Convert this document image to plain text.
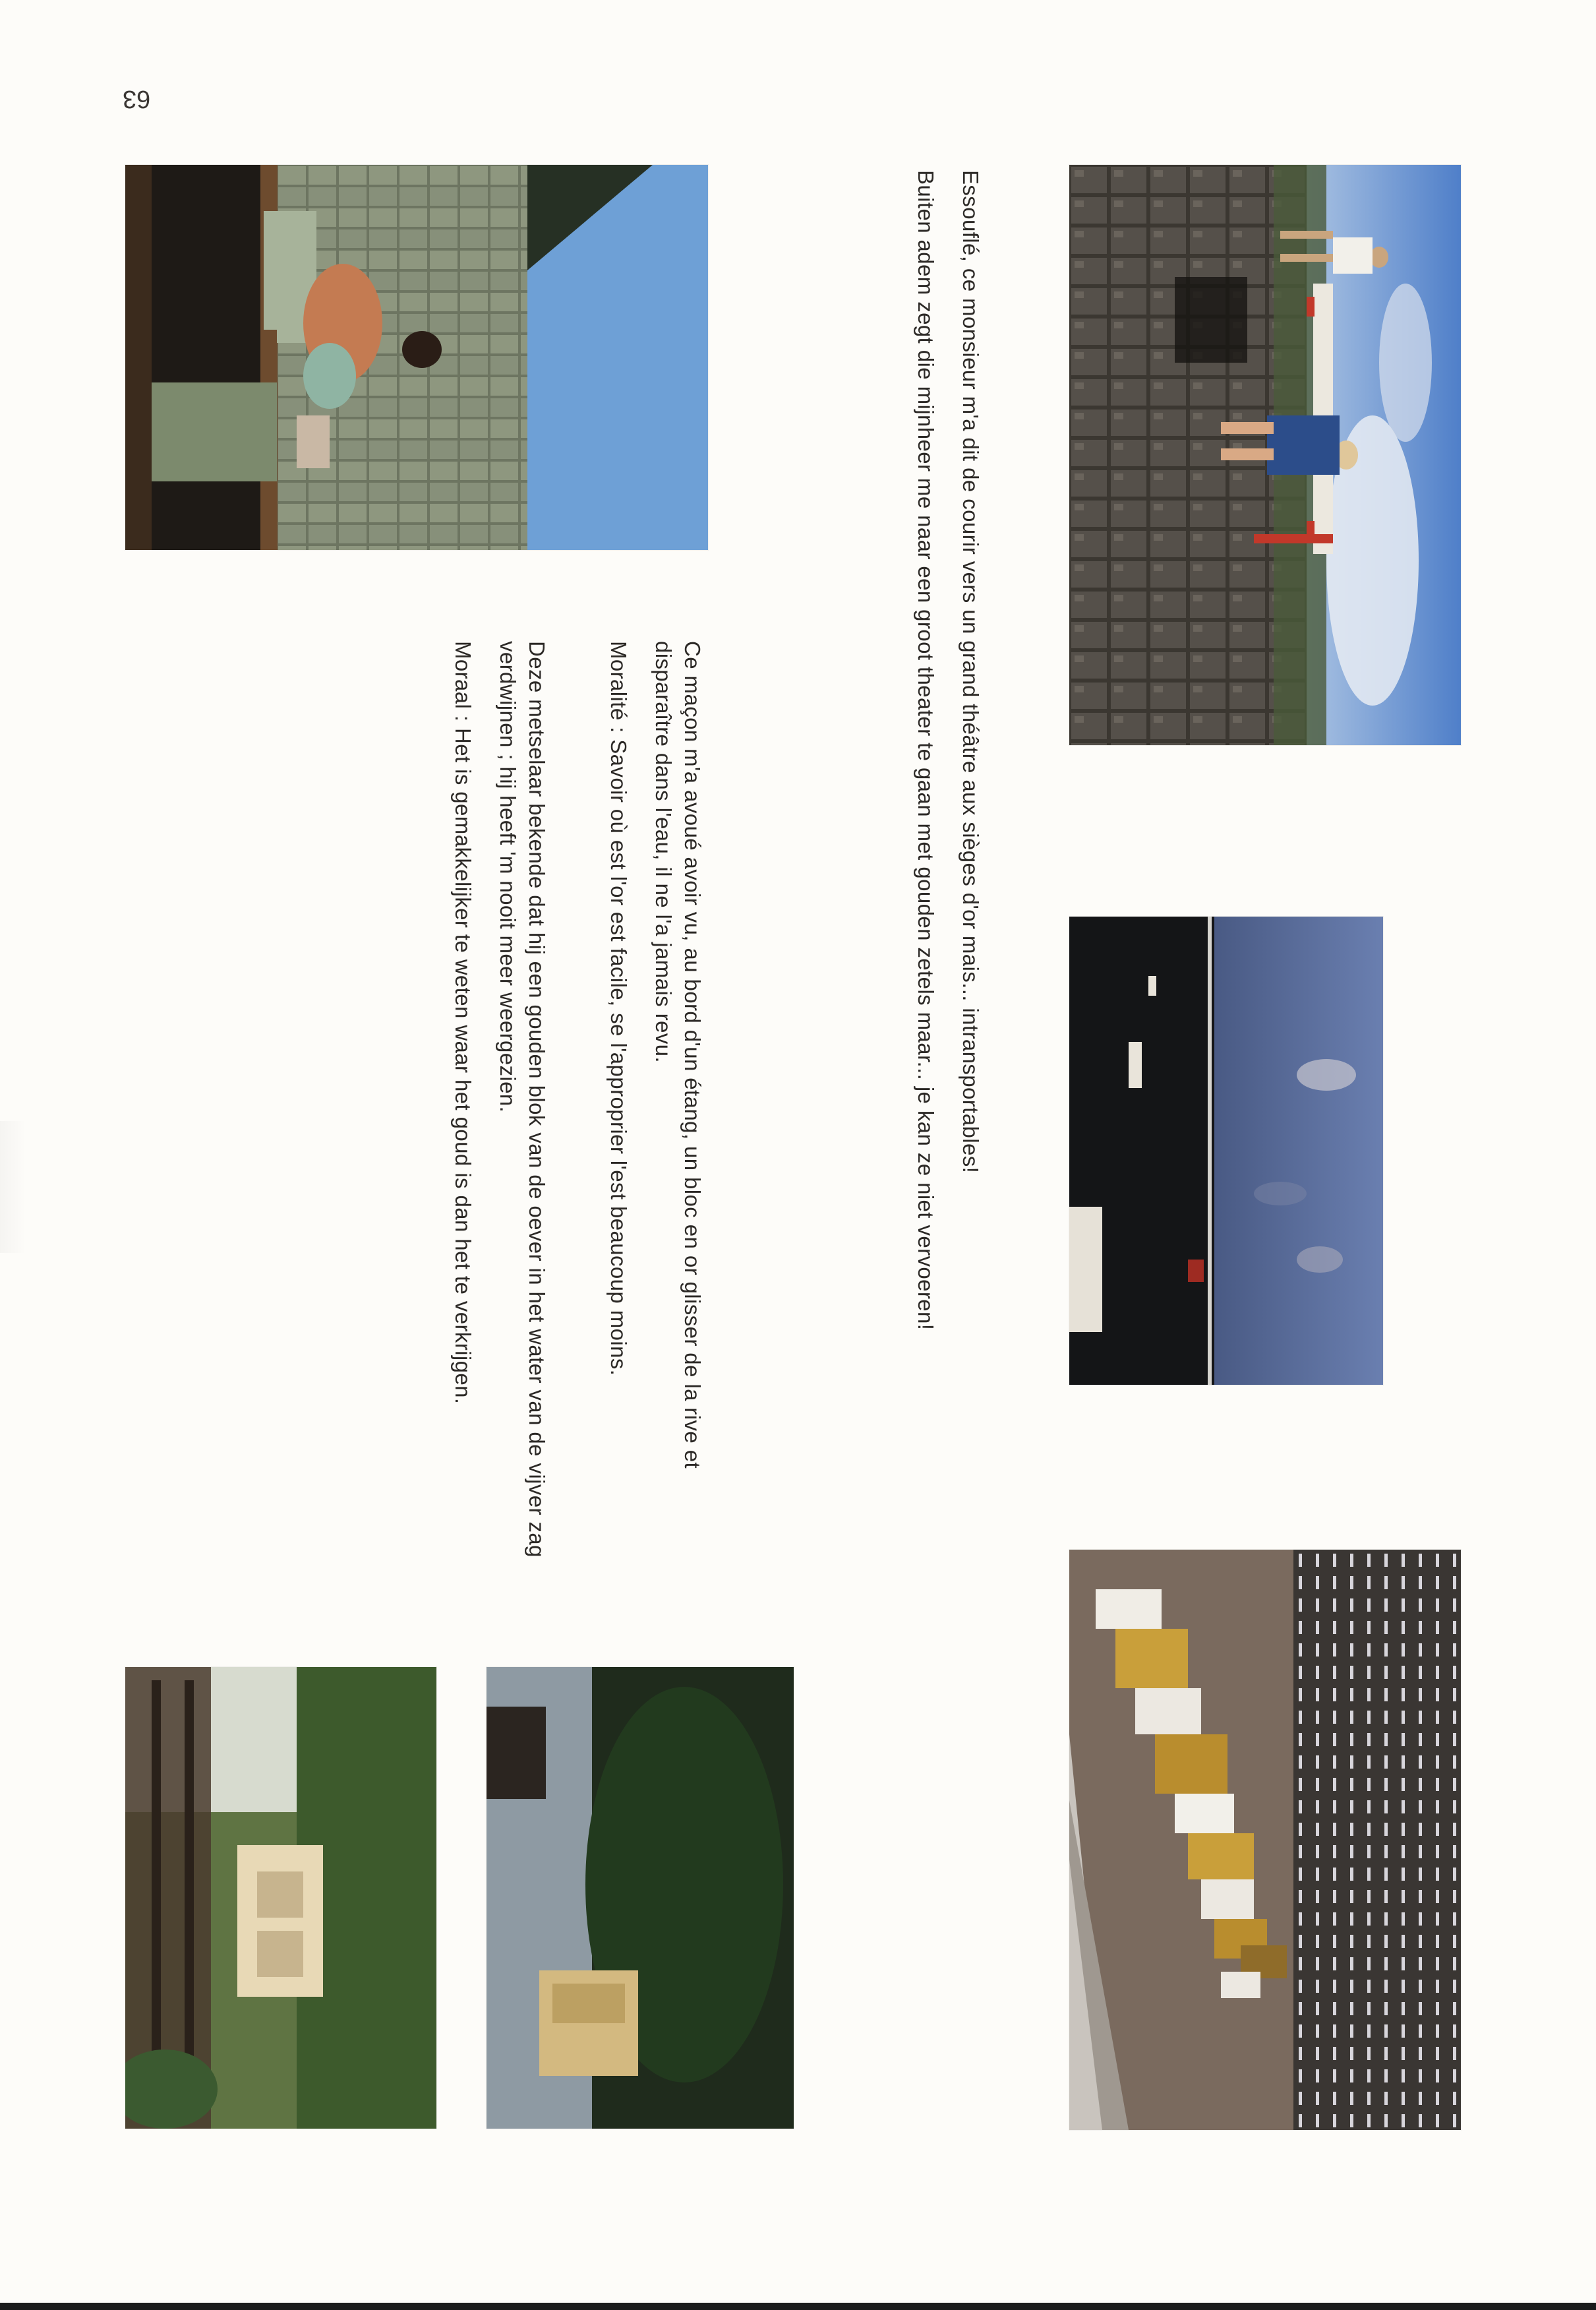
Essouflé, ce monsieur m'a dit de courir vers un grand théâtre aux sièges d'or mais... intransportables!

Buiten adem zegt die mijnheer me naar een groot theater te gaan met gouden zetels maar... je kan ze niet vervoeren!

Ce maçon m'a avoué avoir vu, au bord d'un étang, un bloc en or glisser de la rive et disparaître dans l'eau, il ne l'a jamais revu.

Moralité : Savoir où est l'or est facile, se l'approprier l'est beaucoup moins.

Deze metselaar bekende dat hij een gouden blok van de oever in het water van de vijver zag verdwijnen ; hij heeft 'm nooit meer weergezien.

Moraal : Het is gemakkelijker te weten waar het goud is dan het te verkrijgen.

63
